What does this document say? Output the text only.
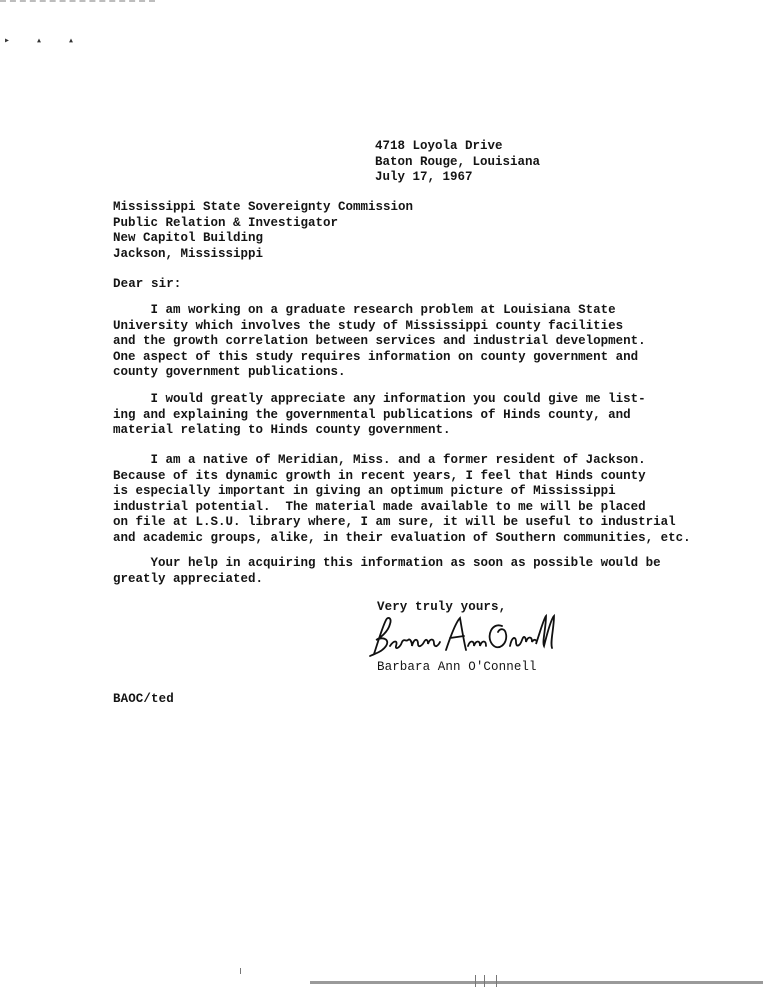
▸ ▴ ▴
4718 Loyola Drive
Baton Rouge, Louisiana
July 17, 1967
Mississippi State Sovereignty Commission
Public Relation & Investigator
New Capitol Building
Jackson, Mississippi
Dear sir:
I am working on a graduate research problem at Louisiana State
University which involves the study of Mississippi county facilities
and the growth correlation between services and industrial development.
One aspect of this study requires information on county government and
county government publications.
I would greatly appreciate any information you could give me list-
ing and explaining the governmental publications of Hinds county, and
material relating to Hinds county government.
I am a native of Meridian, Miss. and a former resident of Jackson.
Because of its dynamic growth in recent years, I feel that Hinds county
is especially important in giving an optimum picture of Mississippi
industrial potential.  The material made available to me will be placed
on file at L.S.U. library where, I am sure, it will be useful to industrial
and academic groups, alike, in their evaluation of Southern communities, etc.
Your help in acquiring this information as soon as possible would be
greatly appreciated.
Very truly yours,
Barbara Ann O'Connell
BAOC/ted
